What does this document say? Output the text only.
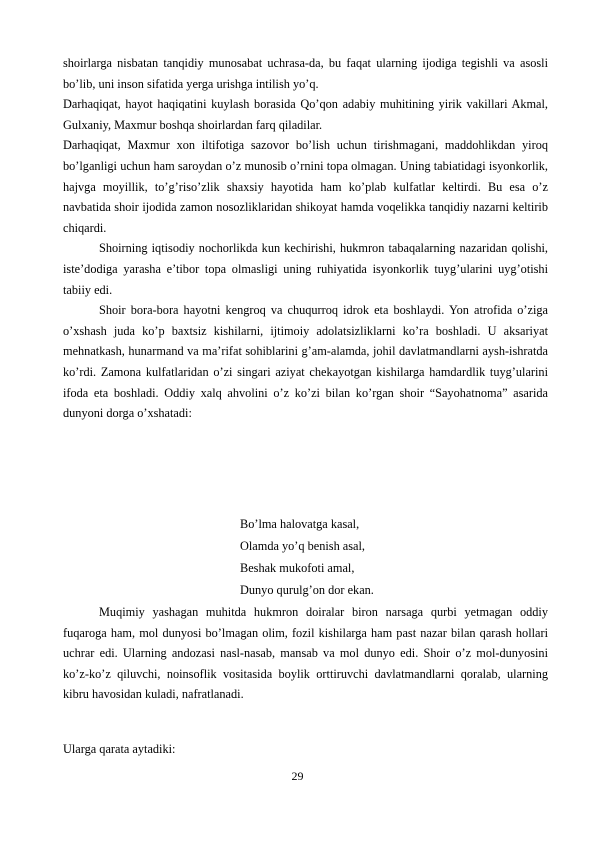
shoirlarga nisbatan tanqidiy munosabat uchrasa-da, bu faqat ularning ijodiga tegishli va asosli bo’lib, uni inson sifatida yerga urishga intilish yo’q.

Darhaqiqat, hayot haqiqatini kuylash borasida Qo’qon adabiy muhitining yirik vakillari Akmal, Gulxaniy, Maxmur boshqa shoirlardan farq qiladilar.

Darhaqiqat, Maxmur xon iltifotiga sazovor bo’lish uchun tirishmagani, maddohlikdan yiroq bo’lganligi uchun ham saroydan o’z munosib o’rnini topa olmagan. Uning tabiatidagi isyonkorlik, hajvga moyillik, to’g’riso’zlik shaxsiy hayotida ham ko’plab kulfatlar keltirdi. Bu esa o’z navbatida shoir ijodida zamon nosozliklaridan shikoyat hamda voqelikka tanqidiy nazarni keltirib chiqardi.

Shoirning iqtisodiy nochorlikda kun kechirishi, hukmron tabaqalarning nazaridan qolishi, iste’dodiga yarasha e’tibor topa olmasligi uning ruhiyatida isyonkorlik tuyg’ularini uyg’otishi tabiiy edi.

Shoir bora-bora hayotni kengroq va chuqurroq idrok eta boshlaydi. Yon atrofida o’ziga o’xshash juda ko’p baxtsiz kishilarni, ijtimoiy adolatsizliklarni ko’ra boshladi. U aksariyat mehnatkash, hunarmand va ma’rifat sohiblarini g’am-alamda, johil davlatmandlarni aysh-ishratda ko’rdi. Zamona kulfatlaridan o’zi singari aziyat chekayotgan kishilarga hamdardlik tuyg’ularini ifoda eta boshladi. Oddiy xalq ahvolini o’z ko’zi bilan ko’rgan shoir “Sayohatnoma” asarida dunyoni dorga o’xshatadi:

Bo’lma halovatga kasal,
Olamda yo’q benish asal,
Beshak mukofoti amal,
Dunyo qurulg’on dor ekan.

Muqimiy yashagan muhitda hukmron doiralar biron narsaga qurbi yetmagan oddiy fuqaroga ham, mol dunyosi bo’lmagan olim, fozil kishilarga ham past nazar bilan qarash hollari uchrar edi. Ularning andozasi nasl-nasab, mansab va mol dunyo edi. Shoir o’z mol-dunyosini ko’z-ko’z qiluvchi, noinsoflik vositasida boylik orttiruvchi davlatmandlarni qoralab, ularning kibru havosidan kuladi, nafratlanadi.

Ularga qarata aytadiki:

29
